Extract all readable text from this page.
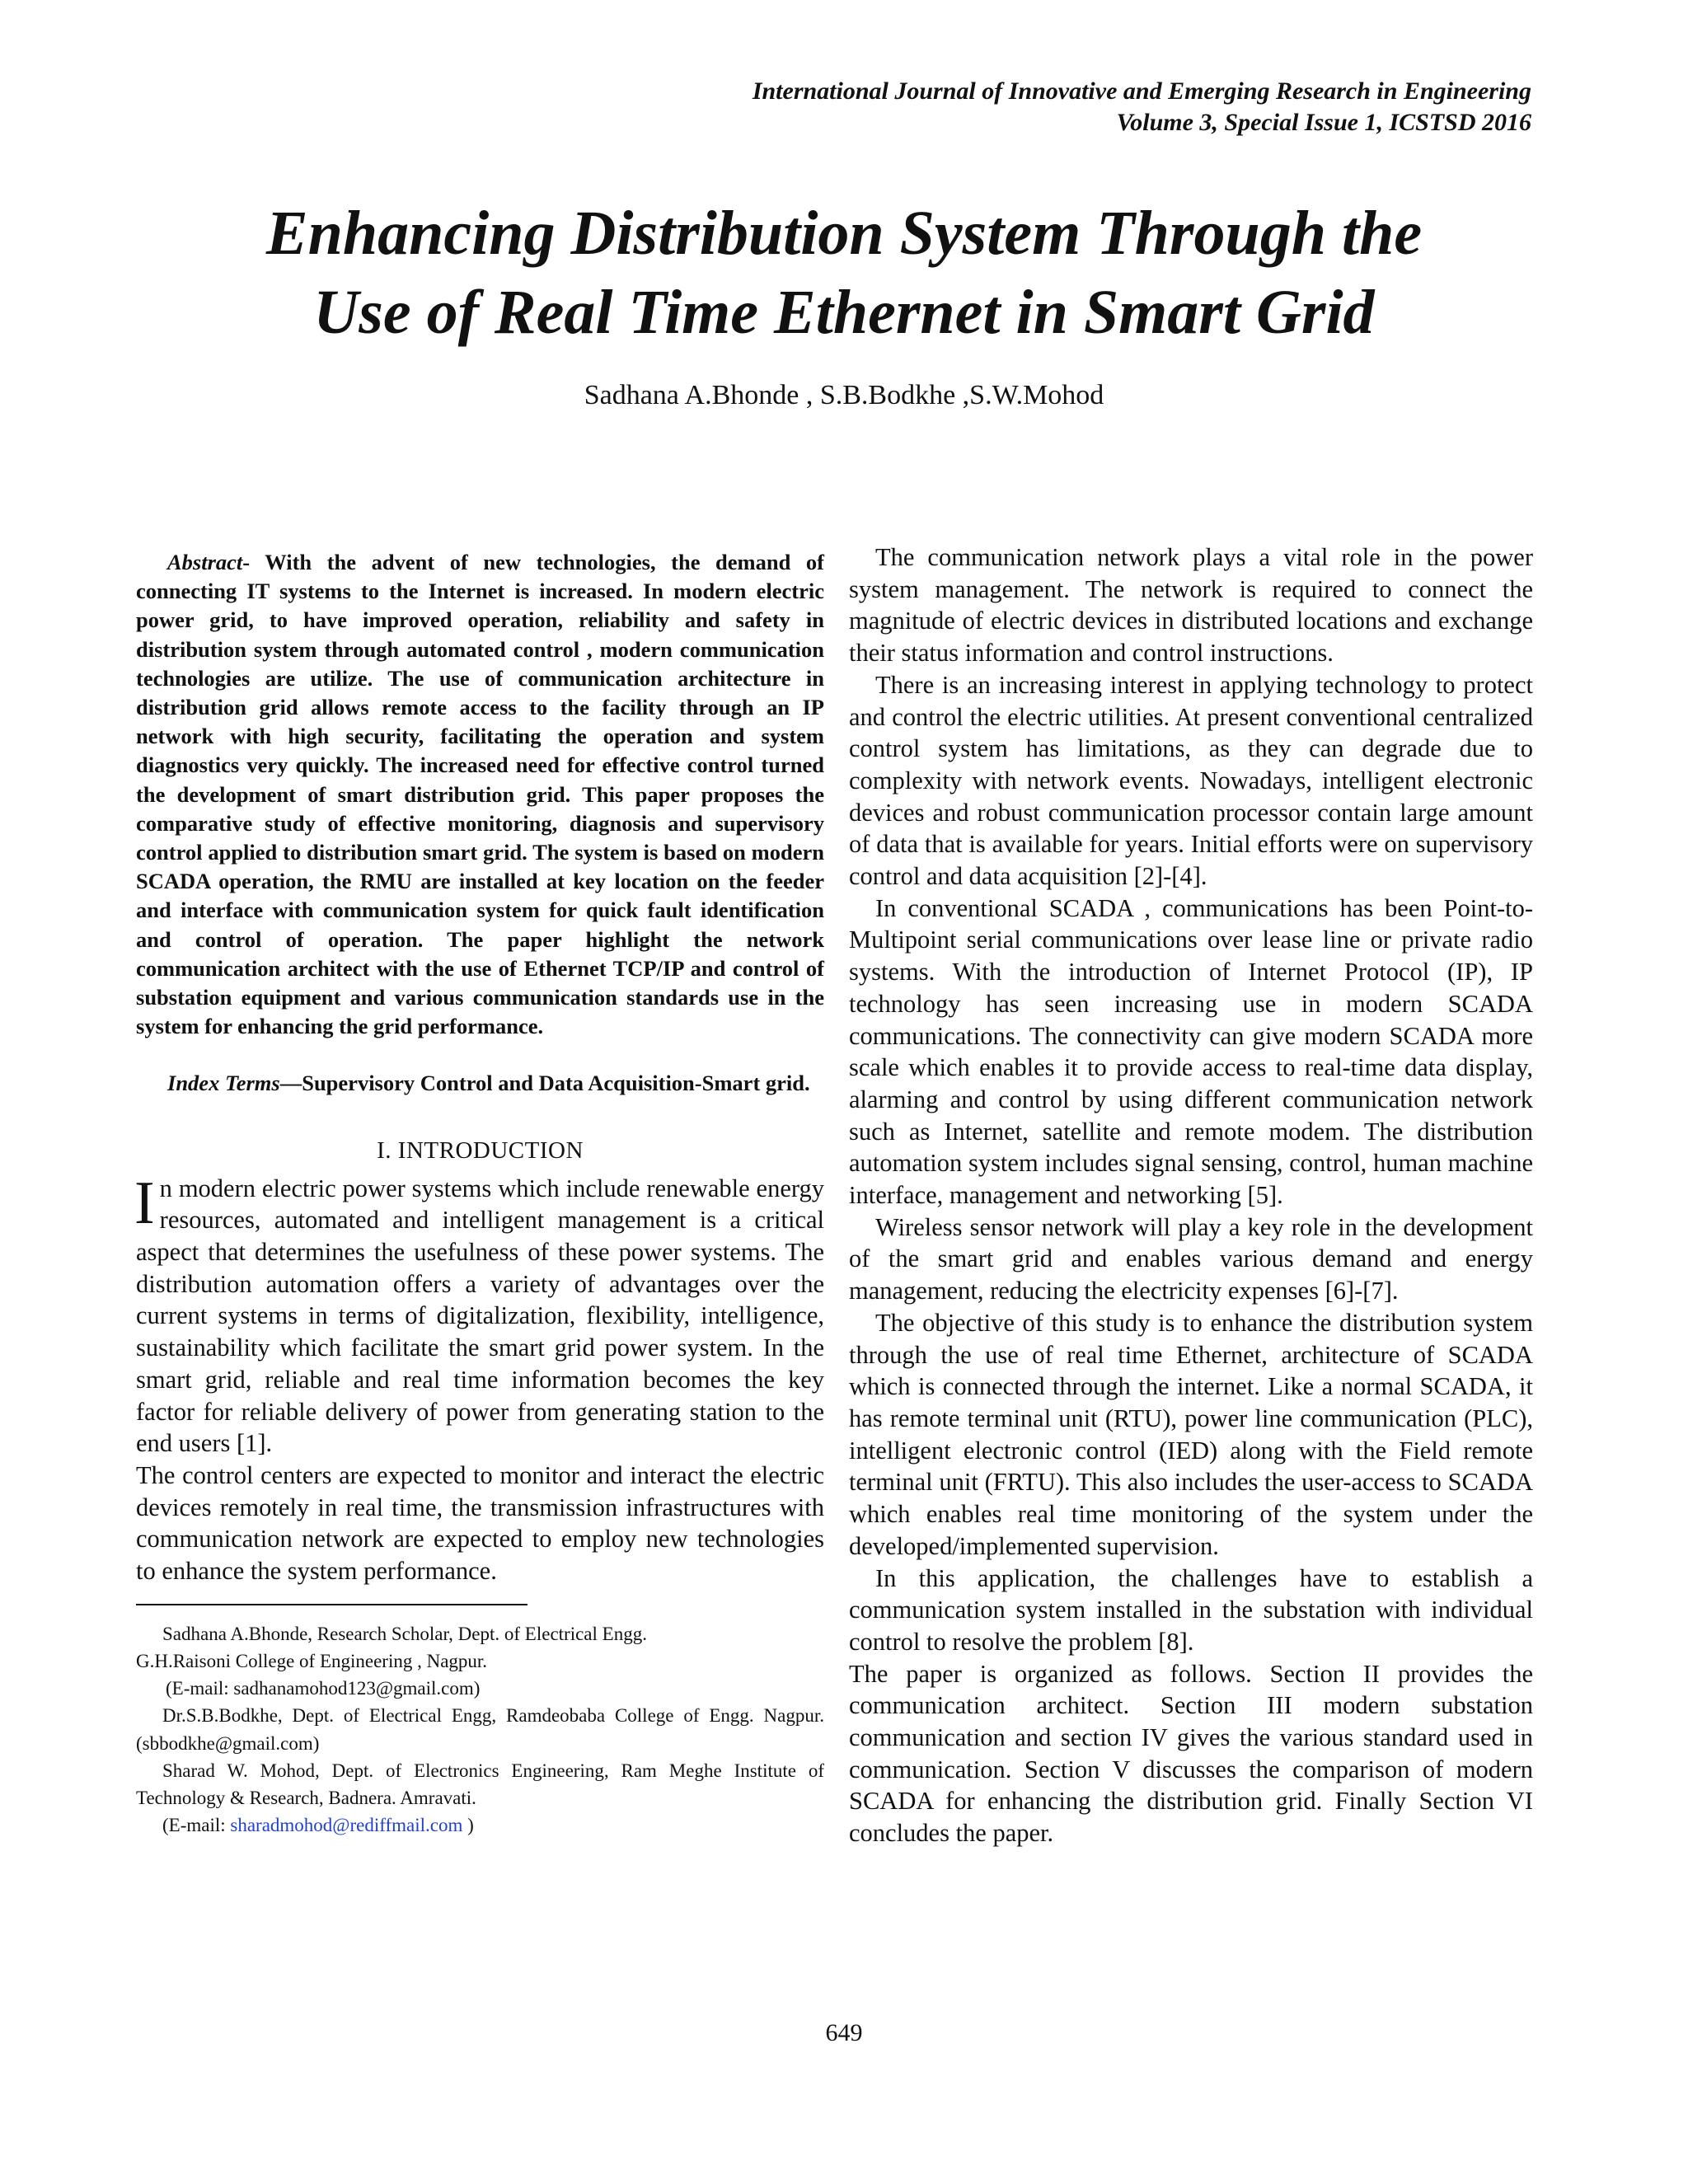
International Journal of Innovative and Emerging Research in Engineering
Volume 3, Special Issue 1, ICSTSD 2016
Enhancing Distribution System Through the
Use of Real Time Ethernet in Smart Grid
Sadhana A.Bhonde , S.B.Bodkhe ,S.W.Mohod

Abstract- With the advent of new technologies, the demand of connecting IT systems to the Internet is increased. In modern electric power grid, to have improved operation, reliability and safety in distribution system through automated control , modern communication technologies are utilize. The use of communication architecture in distribution grid allows remote access to the facility through an IP network with high security, facilitating the operation and system diagnostics very quickly. The increased need for effective control turned the development of smart distribution grid. This paper proposes the comparative study of effective monitoring, diagnosis and supervisory control applied to distribution smart grid. The system is based on modern SCADA operation, the RMU are installed at key location on the feeder and interface with communication system for quick fault identification and control of operation. The paper highlight the network communication architect with the use of Ethernet TCP/IP and control of substation equipment and various communication standards use in the system for enhancing the grid performance.

Index Terms—Supervisory Control and Data Acquisition-Smart grid.

I. INTRODUCTION

In modern electric power systems which include renewable energy resources, automated and intelligent management is a critical aspect that determines the usefulness of these power systems. The distribution automation offers a variety of advantages over the current systems in terms of digitalization, flexibility, intelligence, sustainability which facilitate the smart grid power system. In the smart grid, reliable and real time information becomes the key factor for reliable delivery of power from generating station to the end users [1].

The control centers are expected to monitor and interact the electric devices remotely in real time, the transmission infrastructures with communication network are expected to employ new technologies to enhance the system performance.

Sadhana A.Bhonde, Research Scholar, Dept. of Electrical Engg.

G.H.Raisoni College of Engineering , Nagpur.

(E-mail: sadhanamohod123@gmail.com)

Dr.S.B.Bodkhe, Dept. of Electrical Engg, Ramdeobaba College of Engg. Nagpur.(sbbodkhe@gmail.com)

Sharad W. Mohod, Dept. of Electronics Engineering, Ram Meghe Institute of Technology & Research, Badnera. Amravati.

(E-mail: sharadmohod@rediffmail.com )

The communication network plays a vital role in the power system management. The network is required to connect the magnitude of electric devices in distributed locations and exchange their status information and control instructions.

There is an increasing interest in applying technology to protect and control the electric utilities. At present conventional centralized control system has limitations, as they can degrade due to complexity with network events. Nowadays, intelligent electronic devices and robust communication processor contain large amount of data that is available for years. Initial efforts were on supervisory control and data acquisition [2]-[4].

In conventional SCADA , communications has been Point-to-Multipoint serial communications over lease line or private radio systems. With the introduction of Internet Protocol (IP), IP technology has seen increasing use in modern SCADA communications. The connectivity can give modern SCADA more scale which enables it to provide access to real-time data display, alarming and control by using different communication network such as Internet, satellite and remote modem. The distribution automation system includes signal sensing, control, human machine interface, management and networking [5].

Wireless sensor network will play a key role in the development of the smart grid and enables various demand and energy management, reducing the electricity expenses [6]-[7].

The objective of this study is to enhance the distribution system through the use of real time Ethernet, architecture of SCADA which is connected through the internet. Like a normal SCADA, it has remote terminal unit (RTU), power line communication (PLC), intelligent electronic control (IED) along with the Field remote terminal unit (FRTU). This also includes the user-access to SCADA which enables real time monitoring of the system under the developed/implemented supervision.

In this application, the challenges have to establish a communication system installed in the substation with individual control to resolve the problem [8].

The paper is organized as follows. Section II provides the communication architect. Section III modern substation communication and section IV gives the various standard used in communication. Section V discusses the comparison of modern SCADA for enhancing the distribution grid. Finally Section VI concludes the paper.

649
